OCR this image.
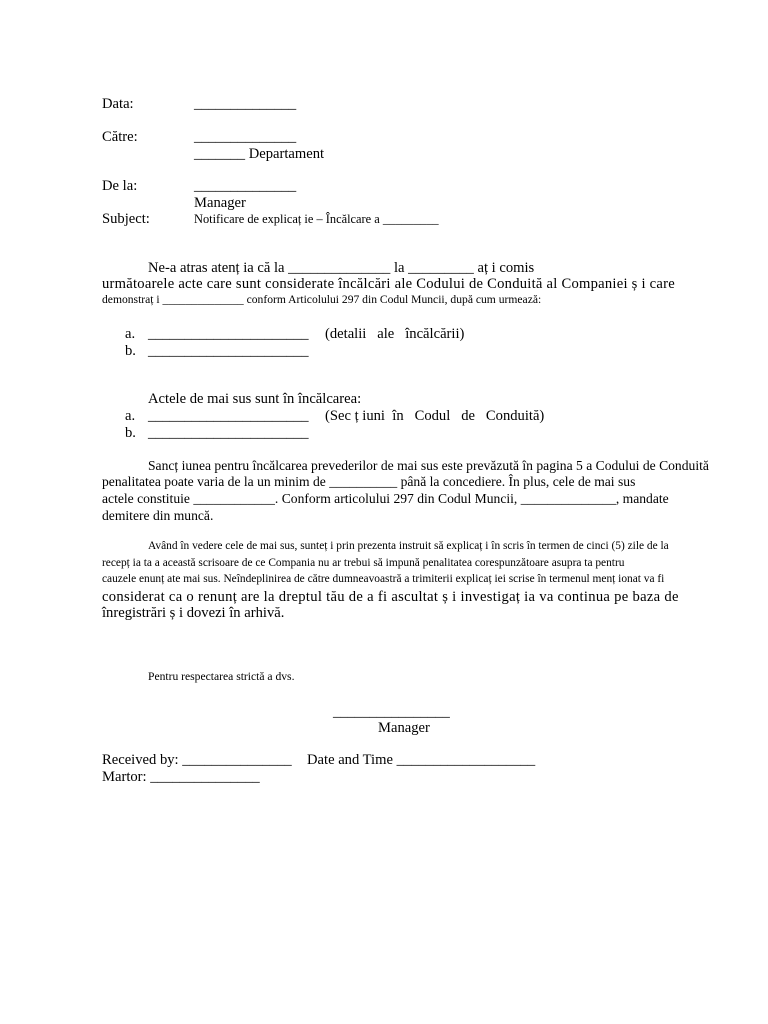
Data:	______________
Către:	______________
_______ Departament
De la:	______________
Manager
Subject:	Notificare de explicaț ie – Încălcare a _________
Ne-a atras atenț ia că la ______________ la _________ aț i comis
următoarele acte care sunt considerate încălcări ale Codului de Conduită al Companiei ș i care
demonstraț i ______________ conform Articolului 297 din Codul Muncii, după cum urmează:
a. ______________________ (detalii   ale   încălcării)
b. ______________________
Actele de mai sus sunt în încălcarea:
a. ______________________ (Sec ț iuni  în   Codul   de   Conduită)
b. ______________________
Sancț iunea pentru încălcarea prevederilor de mai sus este prevăzută în pagina 5 a Codului de Conduită
penalitatea poate varia de la un minim de __________ până la concediere. În plus, cele de mai sus
actele constituie ____________. Conform articolului 297 din Codul Muncii, ______________, mandate
demitere din muncă.
Având în vedere cele de mai sus, sunteț i prin prezenta instruit să explicaț i în scris în termen de cinci (5) zile de la
recepț ia ta a această scrisoare de ce Compania nu ar trebui să impună penalitatea corespunzătoare asupra ta pentru
cauzele enunț ate mai sus. Neîndeplinirea de către dumneavoastră a trimiterii explicaț iei scrise în termenul menț ionat va fi
considerat ca o renunț are la dreptul tău de a fi ascultat ș i investigaț ia va continua pe baza de
înregistrări ș i dovezi în arhivă.
Pentru respectarea strictă a dvs.
________________
Manager
Received by: _______________ Date and Time ___________________
Martor: _______________
